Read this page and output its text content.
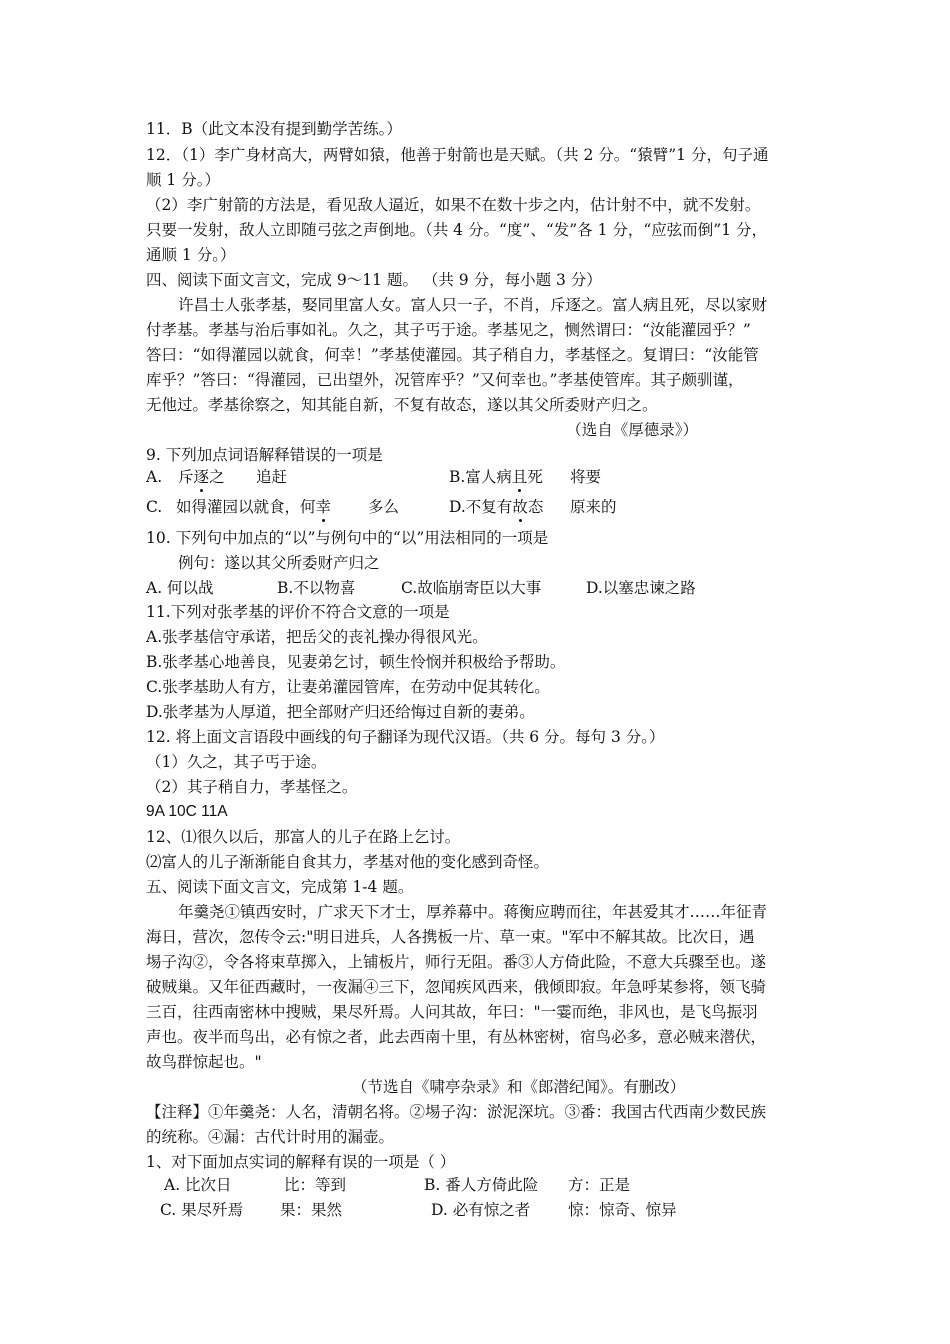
11．B（此文本没有提到勤学苦练。）
12．（1）李广身材高大，两臂如猿，他善于射箭也是天赋。（共 2 分。“猿臂”1 分，句子通
顺 1 分。）
（2）李广射箭的方法是，看见敌人逼近，如果不在数十步之内，估计射不中，就不发射。
只要一发射，敌人立即随弓弦之声倒地。（共 4 分。“度”、“发”各 1 分，“应弦而倒”1 分，
通顺 1 分。）
四、阅读下面文言文，完成 9～11 题。 （共 9 分，每小题 3 分）
许昌士人张孝基，娶同里富人女。富人只一子，不肖，斥逐之。富人病且死，尽以家财
付孝基。孝基与治后事如礼。久之，其子丐于途。孝基见之，恻然谓曰：“汝能灌园乎？”
答曰：“如得灌园以就食，何幸！”孝基使灌园。其子稍自力，孝基怪之。复谓曰：“汝能管
库乎？”答曰：“得灌园，已出望外，况管库乎？”又何幸也。”孝基使管库。其子颇驯谨，
无他过。孝基徐察之，知其能自新，不复有故态，遂以其父所委财产归之。
（选自《厚德录》）
9. 下列加点词语解释错误的一项是
A. 斥逐之 追赶	B.富人病且死 将要
C. 如得灌园以就食，何幸 多么	D.不复有故态 原来的
10. 下列句中加点的“以”与例句中的“以”用法相同的一项是
例句：遂以其父所委财产归之
A. 何以战	B.不以物喜	C.故临崩寄臣以大事	D.以塞忠谏之路
11.下列对张孝基的评价不符合文意的一项是
A.张孝基信守承诺，把岳父的丧礼操办得很风光。
B.张孝基心地善良，见妻弟乞讨，顿生怜悯并积极给予帮助。
C.张孝基助人有方，让妻弟灌园管库，在劳动中促其转化。
D.张孝基为人厚道，把全部财产归还给悔过自新的妻弟。
12. 将上面文言语段中画线的句子翻译为现代汉语。（共 6 分。每句 3 分。）
（1）久之，其子丐于途。
（2）其子稍自力，孝基怪之。
9A 10C 11A
12、⑴很久以后，那富人的儿子在路上乞讨。
⑵富人的儿子渐渐能自食其力，孝基对他的变化感到奇怪。
五、阅读下面文言文，完成第 1-4 题。
年羹尧①镇西安时，广求天下才士，厚养幕中。蒋衡应聘而往，年甚爱其才……年征青
海日，营次，忽传令云:"明日进兵，人各携板一片、草一束。"军中不解其故。比次日，遇
埸子沟②，令各将束草掷入，上铺板片，师行无阻。番③人方倚此险，不意大兵骤至也。遂
破贼巢。又年征西藏时，一夜漏④三下，忽闻疾风西来，俄倾即寂。年急呼某参将，领飞骑
三百，往西南密林中搜贼，果尽歼焉。人问其故，年曰："一霎而绝，非风也，是飞鸟振羽
声也。夜半而鸟出，必有惊之者，此去西南十里，有丛林密树，宿鸟必多，意必贼来潜伏，
故鸟群惊起也。"
（节选自《啸亭杂录》和《郎潜纪闻》。有删改）
【注释】①年羹尧：人名，清朝名将。②埸子沟：淤泥深坑。③番：我国古代西南少数民族
的统称。④漏：古代计时用的漏壶。
1、对下面加点实词的解释有误的一项是（ ）
A. 比次日	比：等到	B. 番人方倚此险 方：正是
C. 果尽歼焉 果：果然	D. 必有惊之者 惊：惊奇、惊异
